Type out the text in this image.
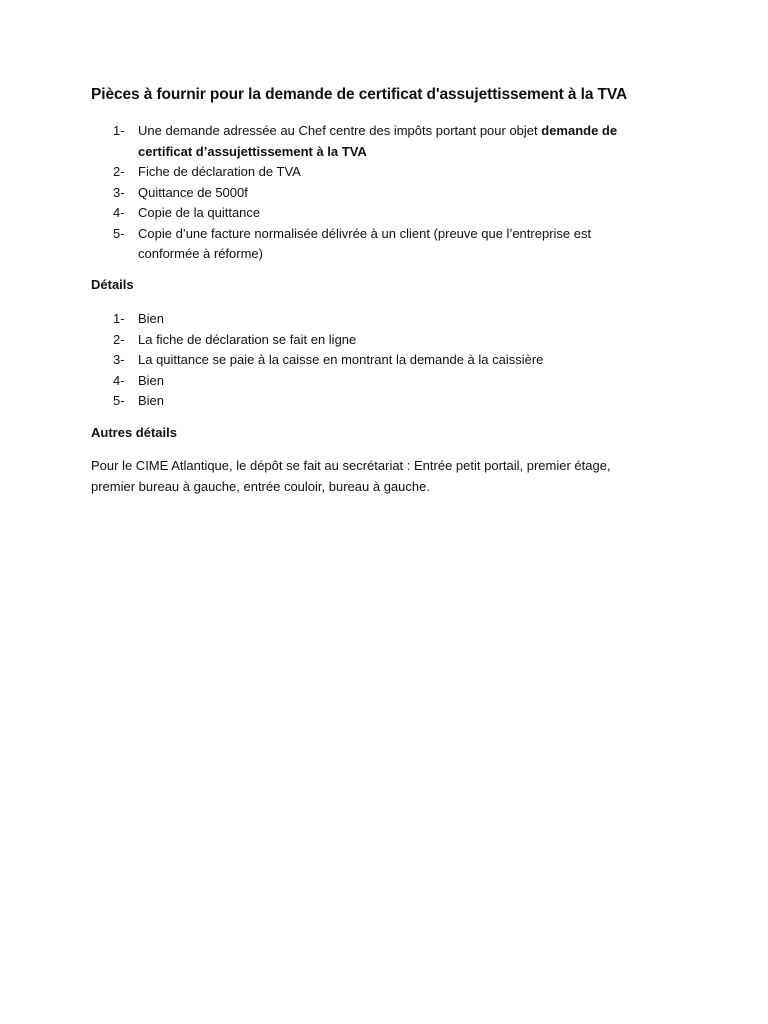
Pièces à fournir pour la demande de certificat d'assujettissement à la TVA
1- Une demande adressée au Chef centre des impôts portant pour objet demande de
certificat d’assujettissement à la TVA
2- Fiche de déclaration de TVA
3- Quittance de 5000f
4- Copie de la quittance
5- Copie d’une facture normalisée délivrée à un client (preuve que l’entreprise est
conformée à réforme)
Détails
1- Bien
2- La fiche de déclaration se fait en ligne
3- La quittance se paie à la caisse en montrant la demande à la caissière
4- Bien
5- Bien
Autres détails
Pour le CIME Atlantique, le dépôt se fait au secrétariat : Entrée petit portail, premier étage,
premier bureau à gauche, entrée couloir, bureau à gauche.
